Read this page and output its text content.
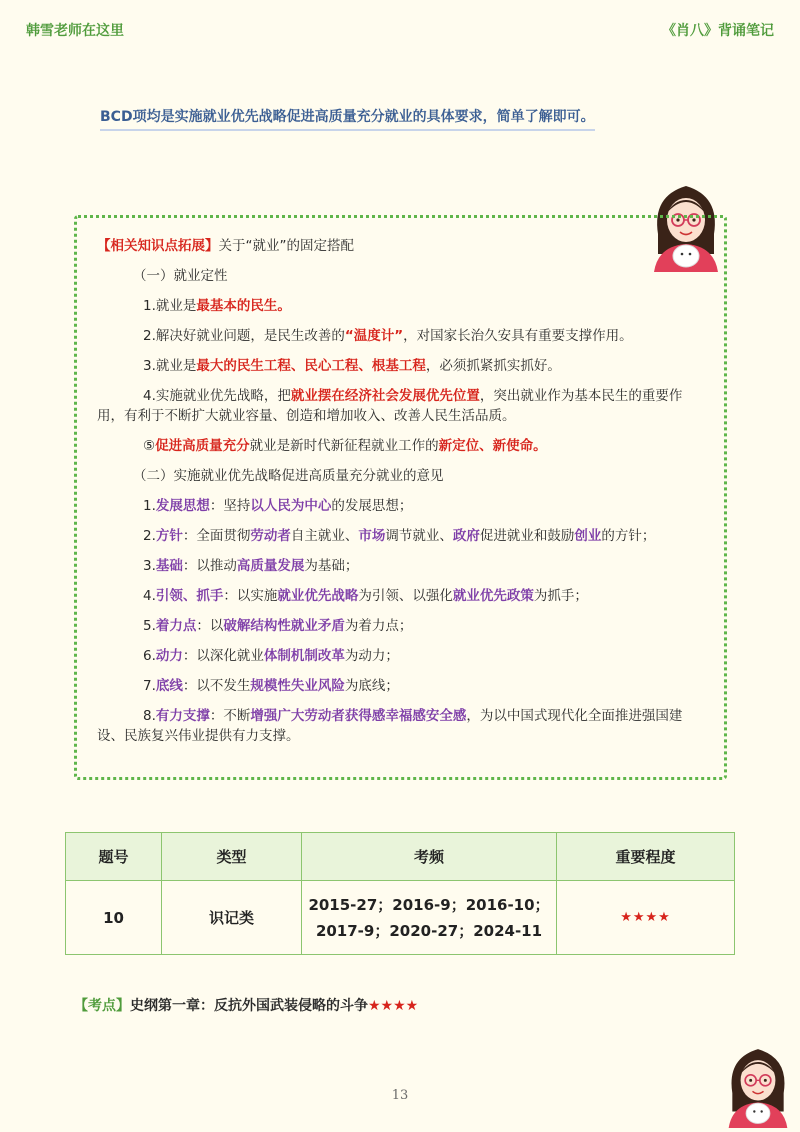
韩雪老师在这里	《肖八》背诵笔记
BCD项均是实施就业优先战略促进高质量充分就业的具体要求，简单了解即可。

【相关知识点拓展】关于“就业”的固定搭配

（一）就业定性

1.就业是最基本的民生。

2.解决好就业问题，是民生改善的“温度计”，对国家长治久安具有重要支撑作用。

3.就业是最大的民生工程、民心工程、根基工程，必须抓紧抓实抓好。

4.实施就业优先战略，把就业摆在经济社会发展优先位置，突出就业作为基本民生的重要作用，有利于不断扩大就业容量、创造和增加收入、改善人民生活品质。

⑤促进高质量充分就业是新时代新征程就业工作的新定位、新使命。

（二）实施就业优先战略促进高质量充分就业的意见

1.发展思想：坚持以人民为中心的发展思想；

2.方针：全面贯彻劳动者自主就业、市场调节就业、政府促进就业和鼓励创业的方针；

3.基础：以推动高质量发展为基础；

4.引领、抓手：以实施就业优先战略为引领、以强化就业优先政策为抓手；

5.着力点：以破解结构性就业矛盾为着力点；

6.动力：以深化就业体制机制改革为动力；

7.底线：以不发生规模性失业风险为底线；

8.有力支撑：不断增强广大劳动者获得感幸福感安全感，为以中国式现代化全面推进强国建设、民族复兴伟业提供有力支撑。

题号	类型	考频	重要程度
10	识记类	2015-27；2016-9；2016-10；
2017-9；2020-27；2024-11	★★★★
【考点】史纲第一章：反抗外国武装侵略的斗争★★★★
13
